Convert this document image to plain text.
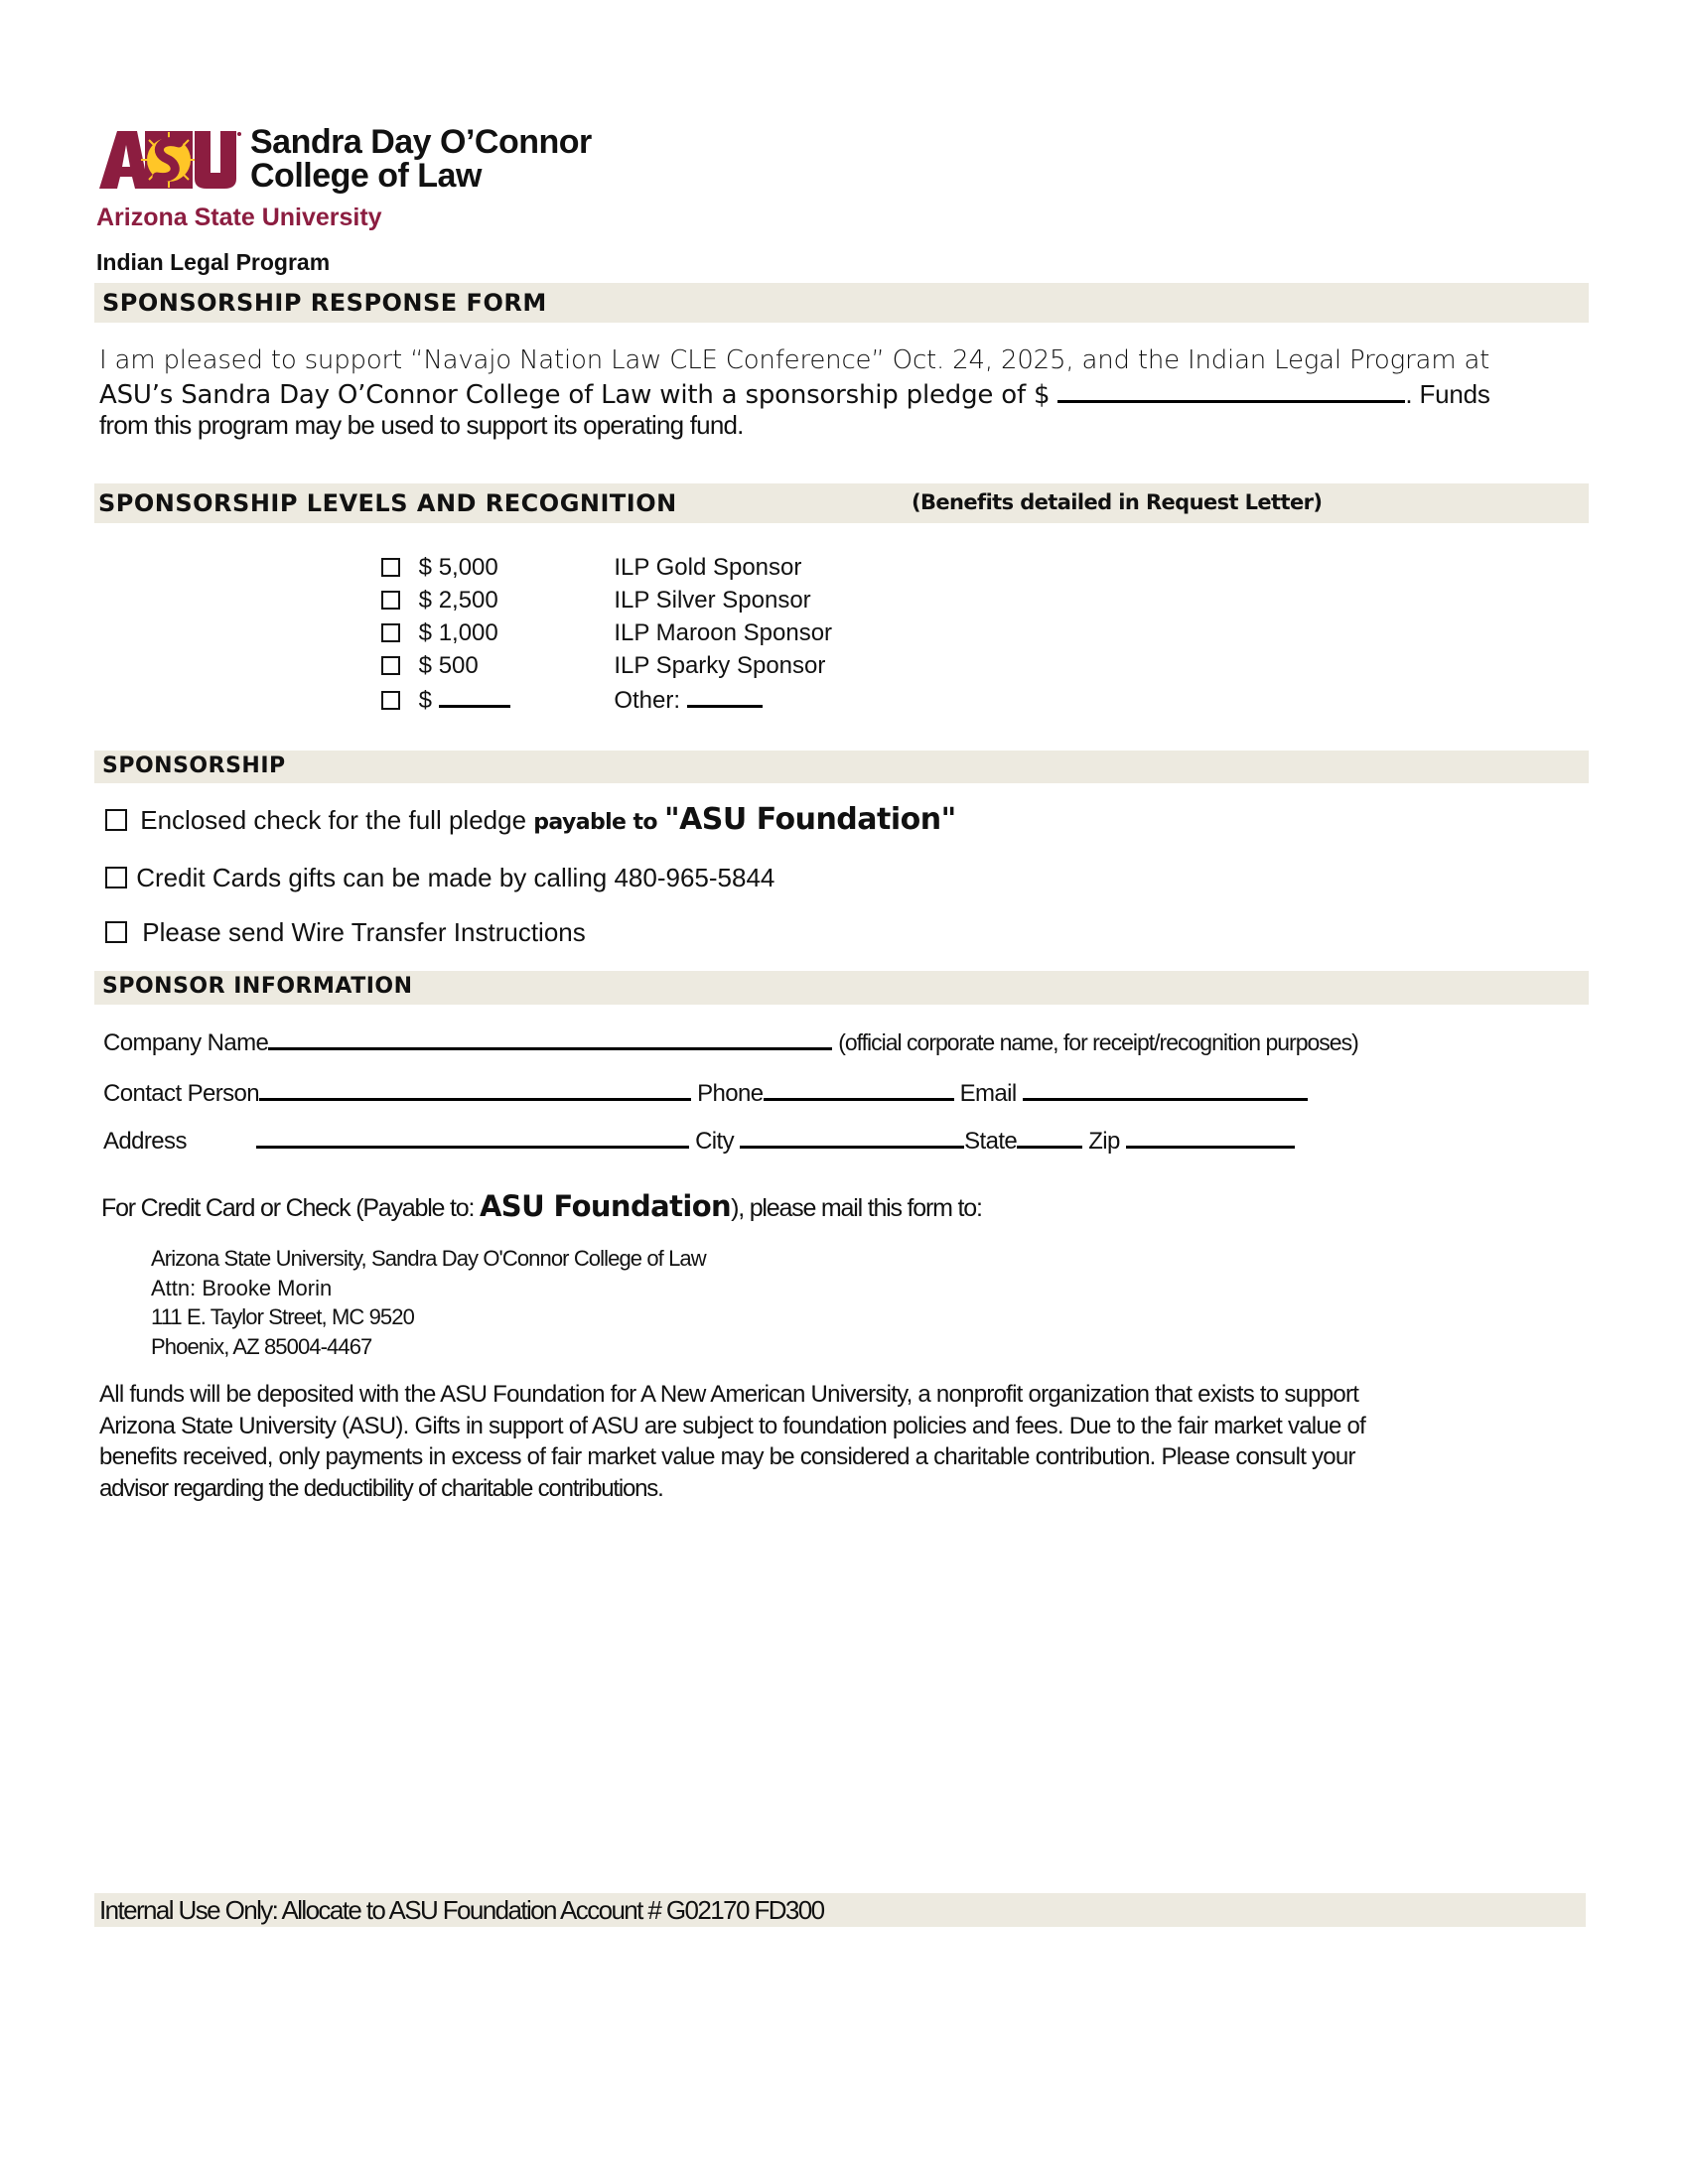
Sandra Day O’Connor
College of Law
Arizona State University
Indian Legal Program
SPONSORSHIP RESPONSE FORM
I am pleased to support “Navajo Nation Law CLE Conference” Oct. 24, 2025, and the Indian Legal Program at
ASU’s Sandra Day O’Connor College of Law with a sponsorship pledge of $	. Funds
from this program may be used to support its operating fund.
SPONSORSHIP LEVELS AND RECOGNITION	(Benefits detailed in Request Letter)
$ 5,000	ILP Gold Sponsor
$ 2,500	ILP Silver Sponsor
$ 1,000	ILP Maroon Sponsor
$ 500	ILP Sparky Sponsor
$	Other:
SPONSORSHIP
Enclosed check for the full pledge payable to "ASU Foundation"
Credit Cards gifts can be made by calling 480-965-5844
Please send Wire Transfer Instructions
SPONSOR INFORMATION
Company Name	(official corporate name, for receipt/recognition purposes)
Contact Person	Phone	Email
Address	City	State	Zip
For Credit Card or Check (Payable to: ASU Foundation), please mail this form to:
Arizona State University, Sandra Day O'Connor College of Law
Attn: Brooke Morin
111 E. Taylor Street, MC 9520
Phoenix, AZ 85004-4467
All funds will be deposited with the ASU Foundation for A New American University, a nonprofit organization that exists to support
Arizona State University (ASU). Gifts in support of ASU are subject to foundation policies and fees. Due to the fair market value of
benefits received, only payments in excess of fair market value may be considered a charitable contribution. Please consult your
advisor regarding the deductibility of charitable contributions.
Internal Use Only: Allocate to ASU Foundation Account # G02170 FD300
